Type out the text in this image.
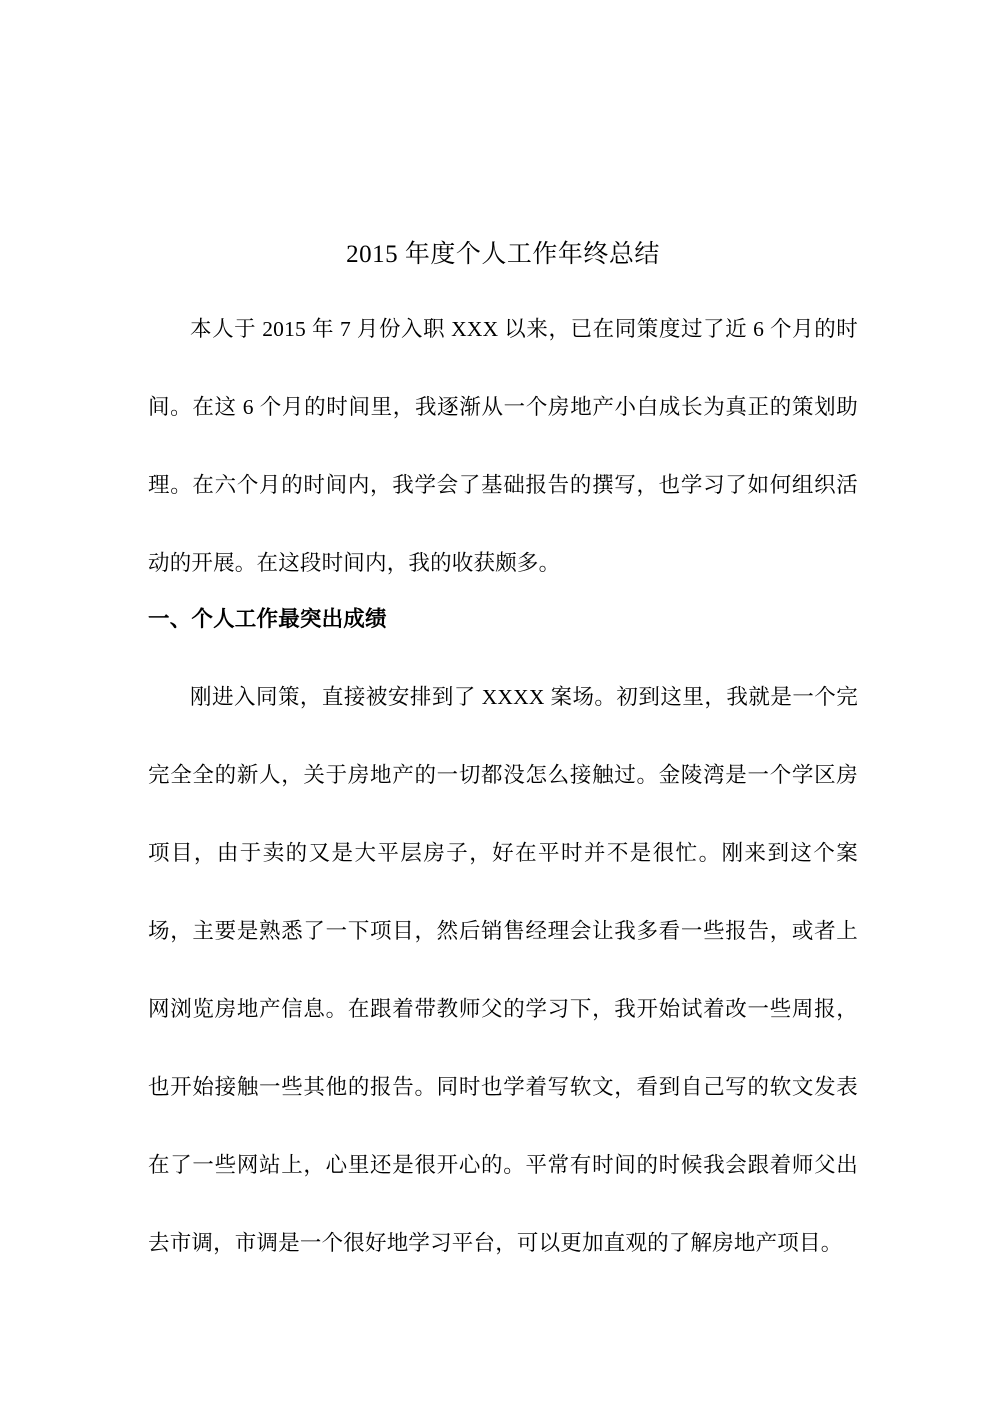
2015 年度个人工作年终总结

本人于 2015 年 7 月份入职 XXX 以来，已在同策度过了近 6 个月的时间。在这 6 个月的时间里，我逐渐从一个房地产小白成长为真正的策划助理。在六个月的时间内，我学会了基础报告的撰写，也学习了如何组织活动的开展。在这段时间内，我的收获颇多。

一、个人工作最突出成绩

刚进入同策，直接被安排到了 XXXX 案场。初到这里，我就是一个完完全全的新人，关于房地产的一切都没怎么接触过。金陵湾是一个学区房项目，由于卖的又是大平层房子，好在平时并不是很忙。刚来到这个案场，主要是熟悉了一下项目，然后销售经理会让我多看一些报告，或者上网浏览房地产信息。在跟着带教师父的学习下，我开始试着改一些周报，也开始接触一些其他的报告。同时也学着写软文，看到自己写的软文发表在了一些网站上，心里还是很开心的。平常有时间的时候我会跟着师父出去市调，市调是一个很好地学习平台，可以更加直观的了解房地产项目。
